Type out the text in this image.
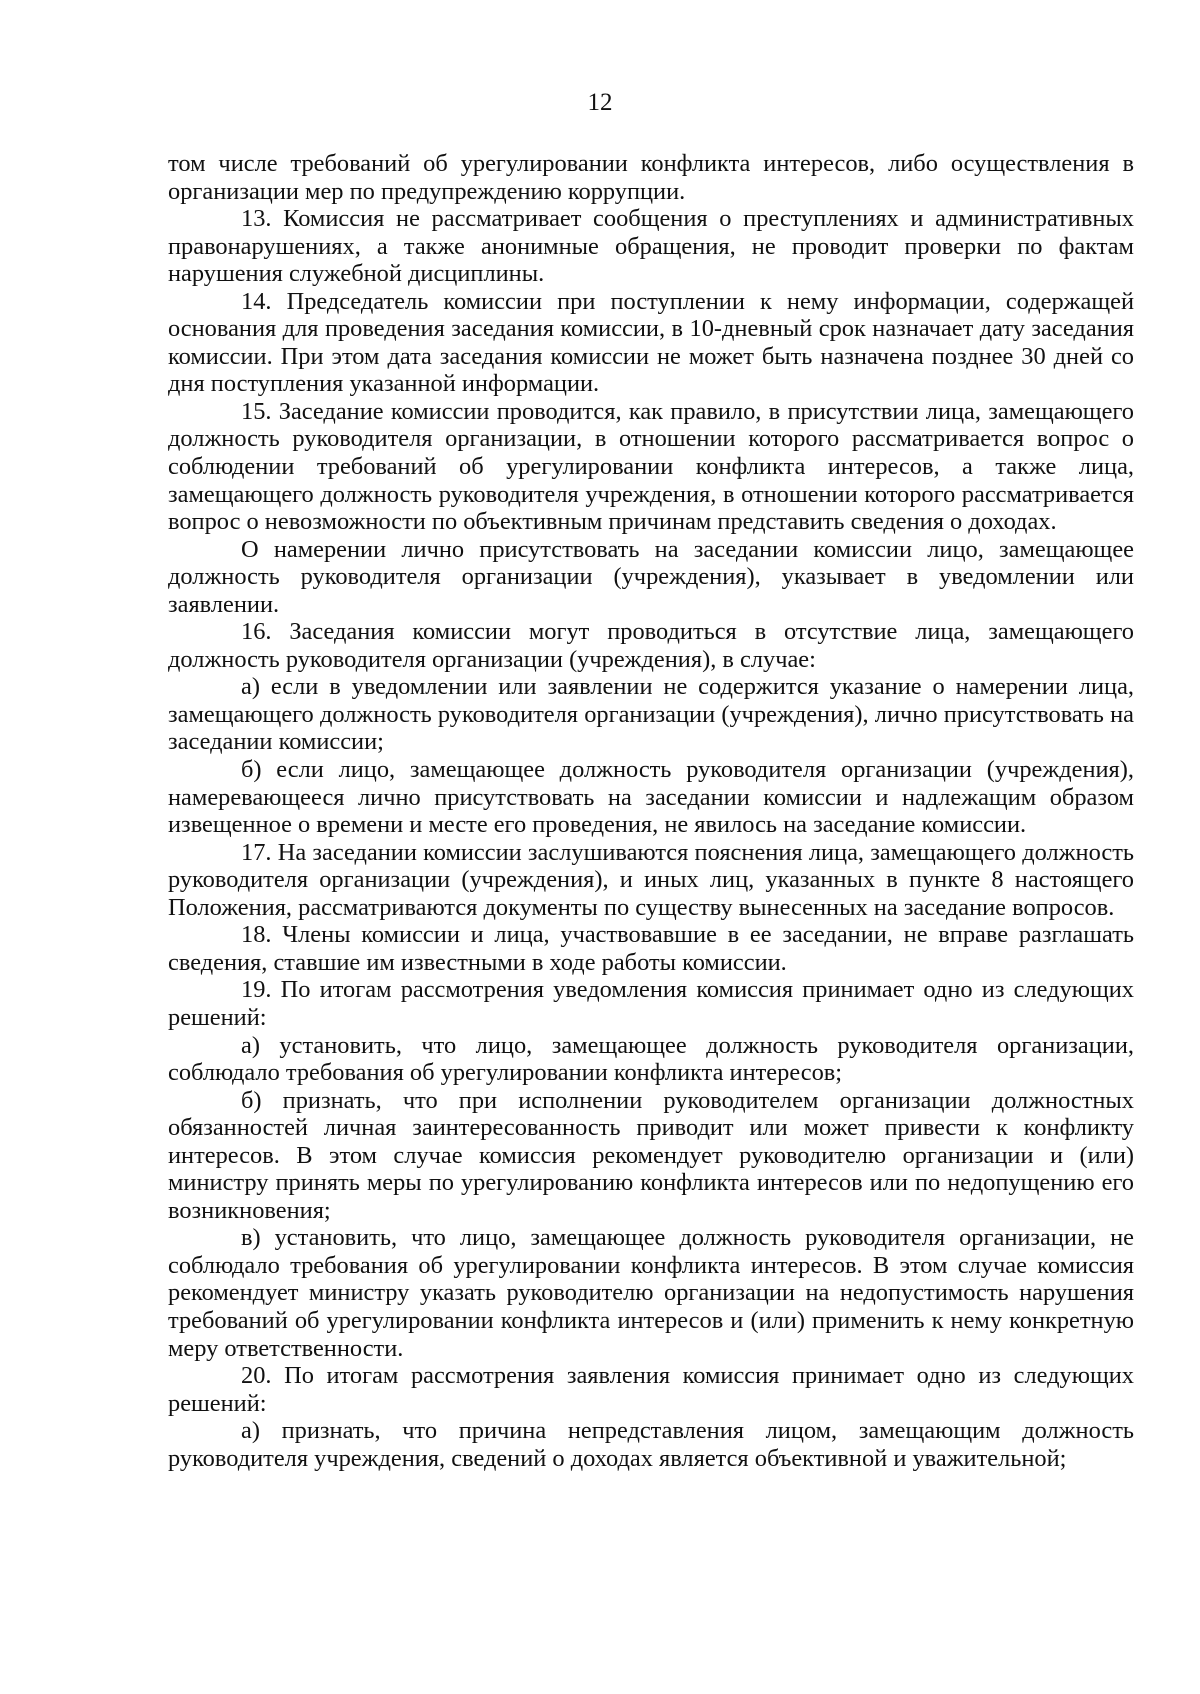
12

том числе требований об урегулировании конфликта интересов, либо осуществления в организации мер по предупреждению коррупции.

13. Комиссия не рассматривает сообщения о преступлениях и административных правонарушениях, а также анонимные обращения, не проводит проверки по фактам нарушения служебной дисциплины.

14. Председатель комиссии при поступлении к нему информации, содержащей основания для проведения заседания комиссии, в 10-дневный срок назначает дату заседания комиссии. При этом дата заседания комиссии не может быть назначена позднее 30 дней со дня поступления указанной информации.

15. Заседание комиссии проводится, как правило, в присутствии лица, замещающего должность руководителя организации, в отношении которого рассматривается вопрос о соблюдении требований об урегулировании конфликта интересов, а также лица, замещающего должность руководителя учреждения, в отношении которого рассматривается вопрос о невозможности по объективным причинам представить сведения о доходах.

О намерении лично присутствовать на заседании комиссии лицо, замещающее должность руководителя организации (учреждения), указывает в уведомлении или заявлении.

16. Заседания комиссии могут проводиться в отсутствие лица, замещающего должность руководителя организации (учреждения), в случае:

а) если в уведомлении или заявлении не содержится указание о намерении лица, замещающего должность руководителя организации (учреждения), лично присутствовать на заседании комиссии;

б) если лицо, замещающее должность руководителя организации (учреждения), намеревающееся лично присутствовать на заседании комиссии и надлежащим образом извещенное о времени и месте его проведения, не явилось на заседание комиссии.

17. На заседании комиссии заслушиваются пояснения лица, замещающего должность руководителя организации (учреждения), и иных лиц, указанных в пункте 8 настоящего Положения, рассматриваются документы по существу вынесенных на заседание вопросов.

18. Члены комиссии и лица, участвовавшие в ее заседании, не вправе разглашать сведения, ставшие им известными в ходе работы комиссии.

19. По итогам рассмотрения уведомления комиссия принимает одно из следующих решений:

а) установить, что лицо, замещающее должность руководителя организации, соблюдало требования об урегулировании конфликта интересов;

б) признать, что при исполнении руководителем организации должностных обязанностей личная заинтересованность приводит или может привести к конфликту интересов. В этом случае комиссия рекомендует руководителю организации и (или) министру принять меры по урегулированию конфликта интересов или по недопущению его возникновения;

в) установить, что лицо, замещающее должность руководителя организации, не соблюдало требования об урегулировании конфликта интересов. В этом случае комиссия рекомендует министру указать руководителю организации на недопустимость нарушения требований об урегулировании конфликта интересов и (или) применить к нему конкретную меру ответственности.

20. По итогам рассмотрения заявления комиссия принимает одно из следующих решений:

а) признать, что причина непредставления лицом, замещающим должность руководителя учреждения, сведений о доходах является объективной и уважительной;
